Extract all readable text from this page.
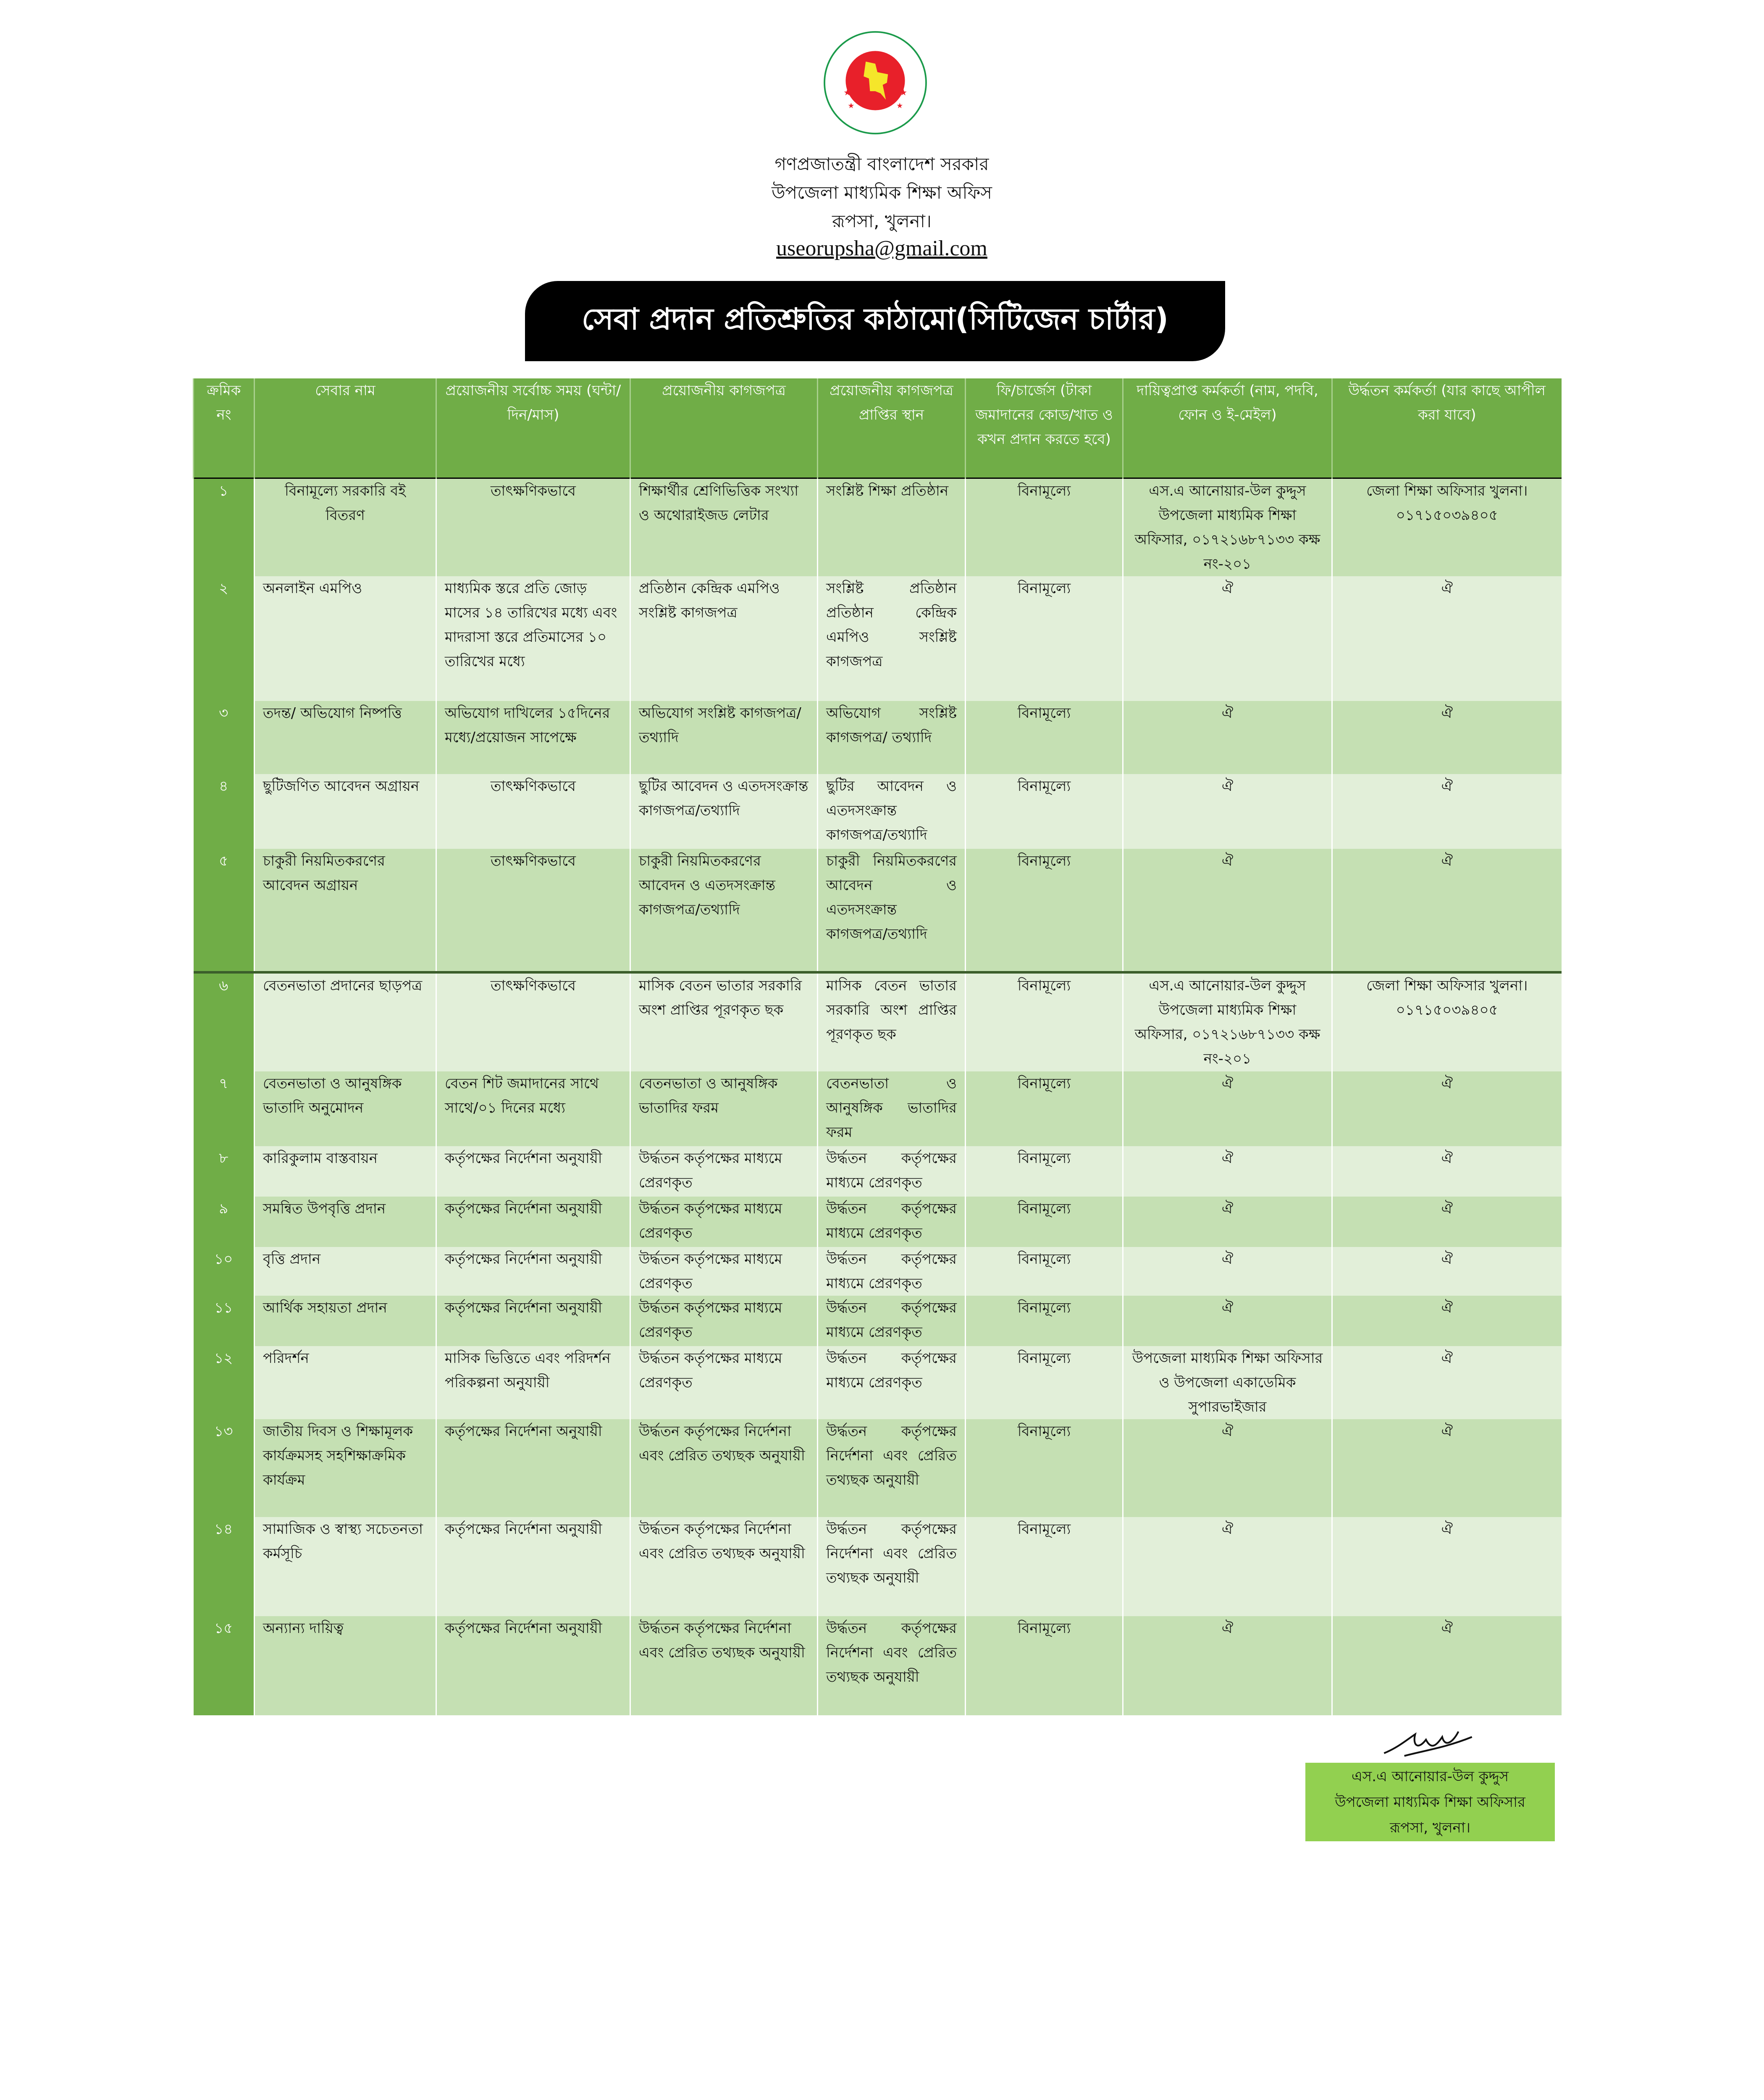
★	★
★	★
গণপ্রজাতন্ত্রী বাংলাদেশ সরকার
উপজেলা মাধ্যমিক শিক্ষা অফিস
রূপসা, খুলনা।
useorupsha@gmail.com
সেবা প্রদান প্রতিশ্রুতির কাঠামো(সিটিজেন চার্টার)
ক্রমিক নং	সেবার নাম	প্রয়োজনীয় সর্বোচ্চ সময় (ঘন্টা/দিন/মাস)	প্রয়োজনীয় কাগজপত্র	প্রয়োজনীয় কাগজপত্র প্রাপ্তির স্থান	ফি/চার্জেস (টাকা জমাদানের কোড/খাত ও কখন প্রদান করতে হবে)	দায়িত্বপ্রাপ্ত কর্মকর্তা (নাম, পদবি, ফোন ও ই-মেইল)	উর্দ্ধতন কর্মকর্তা (যার কাছে আপীল করা যাবে)
১	বিনামূল্যে সরকারি বই বিতরণ	তাৎক্ষণিকভাবে	শিক্ষার্থীর শ্রেণিভিত্তিক সংখ্যা ও অথোরাইজড লেটার	সংশ্লিষ্ট শিক্ষা প্রতিষ্ঠান	বিনামূল্যে	এস.এ আনোয়ার-উল কুদ্দুস উপজেলা মাধ্যমিক শিক্ষা অফিসার, ০১৭২১৬৮৭১৩৩ কক্ষ নং-২০১	জেলা শিক্ষা অফিসার খুলনা। ০১৭১৫০৩৯৪০৫
২	অনলাইন এমপিও	মাধ্যমিক স্তরে প্রতি জোড় মাসের ১৪ তারিখের মধ্যে এবং মাদরাসা স্তরে প্রতিমাসের ১০ তারিখের মধ্যে	প্রতিষ্ঠান কেন্দ্রিক এমপিও সংশ্লিষ্ট কাগজপত্র	সংশ্লিষ্ট প্রতিষ্ঠান প্রতিষ্ঠান কেন্দ্রিক এমপিও সংশ্লিষ্ট কাগজপত্র	বিনামূল্যে	ঐ	ঐ
৩	তদন্ত/ অভিযোগ নিষ্পত্তি	অভিযোগ দাখিলের ১৫দিনের মধ্যে/প্রয়োজন সাপেক্ষে	অভিযোগ সংশ্লিষ্ট কাগজপত্র/ তথ্যাদি	অভিযোগ সংশ্লিষ্ট কাগজপত্র/ তথ্যাদি	বিনামূল্যে	ঐ	ঐ
৪	ছুটিজণিত আবেদন অগ্রায়ন	তাৎক্ষণিকভাবে	ছুটির আবেদন ও এতদসংক্রান্ত কাগজপত্র/তথ্যাদি	ছুটির আবেদন ও এতদসংক্রান্ত কাগজপত্র/তথ্যাদি	বিনামূল্যে	ঐ	ঐ
৫	চাকুরী নিয়মিতকরণের আবেদন অগ্রায়ন	তাৎক্ষণিকভাবে	চাকুরী নিয়মিতকরণের আবেদন ও এতদসংক্রান্ত কাগজপত্র/তথ্যাদি	চাকুরী নিয়মিতকরণের আবেদন ও এতদসংক্রান্ত কাগজপত্র/তথ্যাদি	বিনামূল্যে	ঐ	ঐ
৬	বেতনভাতা প্রদানের ছাড়পত্র	তাৎক্ষণিকভাবে	মাসিক বেতন ভাতার সরকারি অংশ প্রাপ্তির পূরণকৃত ছক	মাসিক বেতন ভাতার সরকারি অংশ প্রাপ্তির পূরণকৃত ছক	বিনামূল্যে	এস.এ আনোয়ার-উল কুদ্দুস উপজেলা মাধ্যমিক শিক্ষা অফিসার, ০১৭২১৬৮৭১৩৩ কক্ষ নং-২০১	জেলা শিক্ষা অফিসার খুলনা। ০১৭১৫০৩৯৪০৫
৭	বেতনভাতা ও আনুষঙ্গিক ভাতাদি অনুমোদন	বেতন শিট জমাদানের সাথে সাথে/০১ দিনের মধ্যে	বেতনভাতা ও আনুষঙ্গিক ভাতাদির ফরম	বেতনভাতা ও আনুষঙ্গিক ভাতাদির ফরম	বিনামূল্যে	ঐ	ঐ
৮	কারিকুলাম বাস্তবায়ন	কর্তৃপক্ষের নির্দেশনা অনুযায়ী	উর্দ্ধতন কর্তৃপক্ষের মাধ্যমে প্রেরণকৃত	উর্দ্ধতন কর্তৃপক্ষের মাধ্যমে প্রেরণকৃত	বিনামূল্যে	ঐ	ঐ
৯	সমন্বিত উপবৃত্তি প্রদান	কর্তৃপক্ষের নির্দেশনা অনুযায়ী	উর্দ্ধতন কর্তৃপক্ষের মাধ্যমে প্রেরণকৃত	উর্দ্ধতন কর্তৃপক্ষের মাধ্যমে প্রেরণকৃত	বিনামূল্যে	ঐ	ঐ
১০	বৃত্তি প্রদান	কর্তৃপক্ষের নির্দেশনা অনুযায়ী	উর্দ্ধতন কর্তৃপক্ষের মাধ্যমে প্রেরণকৃত	উর্দ্ধতন কর্তৃপক্ষের মাধ্যমে প্রেরণকৃত	বিনামূল্যে	ঐ	ঐ
১১	আর্থিক সহায়তা প্রদান	কর্তৃপক্ষের নির্দেশনা অনুযায়ী	উর্দ্ধতন কর্তৃপক্ষের মাধ্যমে প্রেরণকৃত	উর্দ্ধতন কর্তৃপক্ষের মাধ্যমে প্রেরণকৃত	বিনামূল্যে	ঐ	ঐ
১২	পরিদর্শন	মাসিক ভিত্তিতে এবং পরিদর্শন পরিকল্পনা অনুযায়ী	উর্দ্ধতন কর্তৃপক্ষের মাধ্যমে প্রেরণকৃত	উর্দ্ধতন কর্তৃপক্ষের মাধ্যমে প্রেরণকৃত	বিনামূল্যে	উপজেলা মাধ্যমিক শিক্ষা অফিসার ও উপজেলা একাডেমিক সুপারভাইজার	ঐ
১৩	জাতীয় দিবস ও শিক্ষামূলক কার্যক্রমসহ সহশিক্ষাক্রমিক কার্যক্রম	কর্তৃপক্ষের নির্দেশনা অনুযায়ী	উর্দ্ধতন কর্তৃপক্ষের নির্দেশনা এবং প্রেরিত তথ্যছক অনুযায়ী	উর্দ্ধতন কর্তৃপক্ষের নির্দেশনা এবং প্রেরিত তথ্যছক অনুযায়ী	বিনামূল্যে	ঐ	ঐ
১৪	সামাজিক ও স্বাস্থ্য সচেতনতা কর্মসূচি	কর্তৃপক্ষের নির্দেশনা অনুযায়ী	উর্দ্ধতন কর্তৃপক্ষের নির্দেশনা এবং প্রেরিত তথ্যছক অনুযায়ী	উর্দ্ধতন কর্তৃপক্ষের নির্দেশনা এবং প্রেরিত তথ্যছক অনুযায়ী	বিনামূল্যে	ঐ	ঐ
১৫	অন্যান্য দায়িত্ব	কর্তৃপক্ষের নির্দেশনা অনুযায়ী	উর্দ্ধতন কর্তৃপক্ষের নির্দেশনা এবং প্রেরিত তথ্যছক অনুযায়ী	উর্দ্ধতন কর্তৃপক্ষের নির্দেশনা এবং প্রেরিত তথ্যছক অনুযায়ী	বিনামূল্যে	ঐ	ঐ
এস.এ আনোয়ার-উল কুদ্দুস
উপজেলা মাধ্যমিক শিক্ষা অফিসার
রূপসা, খুলনা।
